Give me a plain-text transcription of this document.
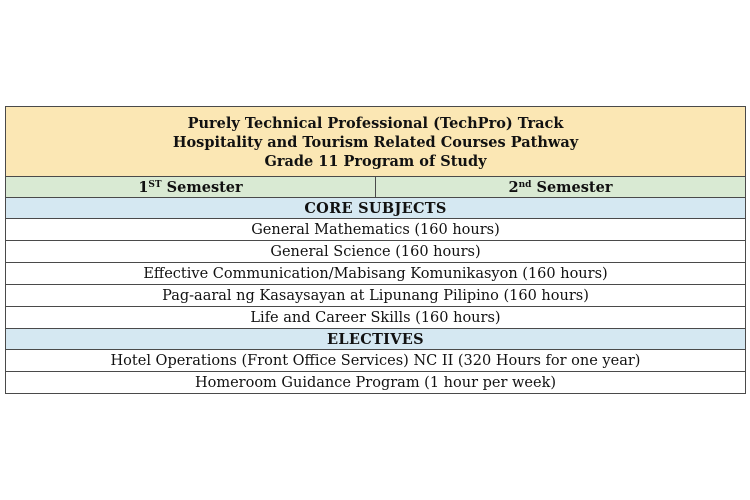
Purely Technical Professional (TechPro) Track
Hospitality and Tourism Related Courses Pathway
Grade 11 Program of Study

1ST Semester	2nd Semester
CORE SUBJECTS
General Mathematics (160 hours)
General Science (160 hours)
Effective Communication/Mabisang Komunikasyon (160 hours)
Pag-aaral ng Kasaysayan at Lipunang Pilipino (160 hours)
Life and Career Skills (160 hours)
ELECTIVES
Hotel Operations (Front Office Services) NC II (320 Hours for one year)
Homeroom Guidance Program (1 hour per week)
